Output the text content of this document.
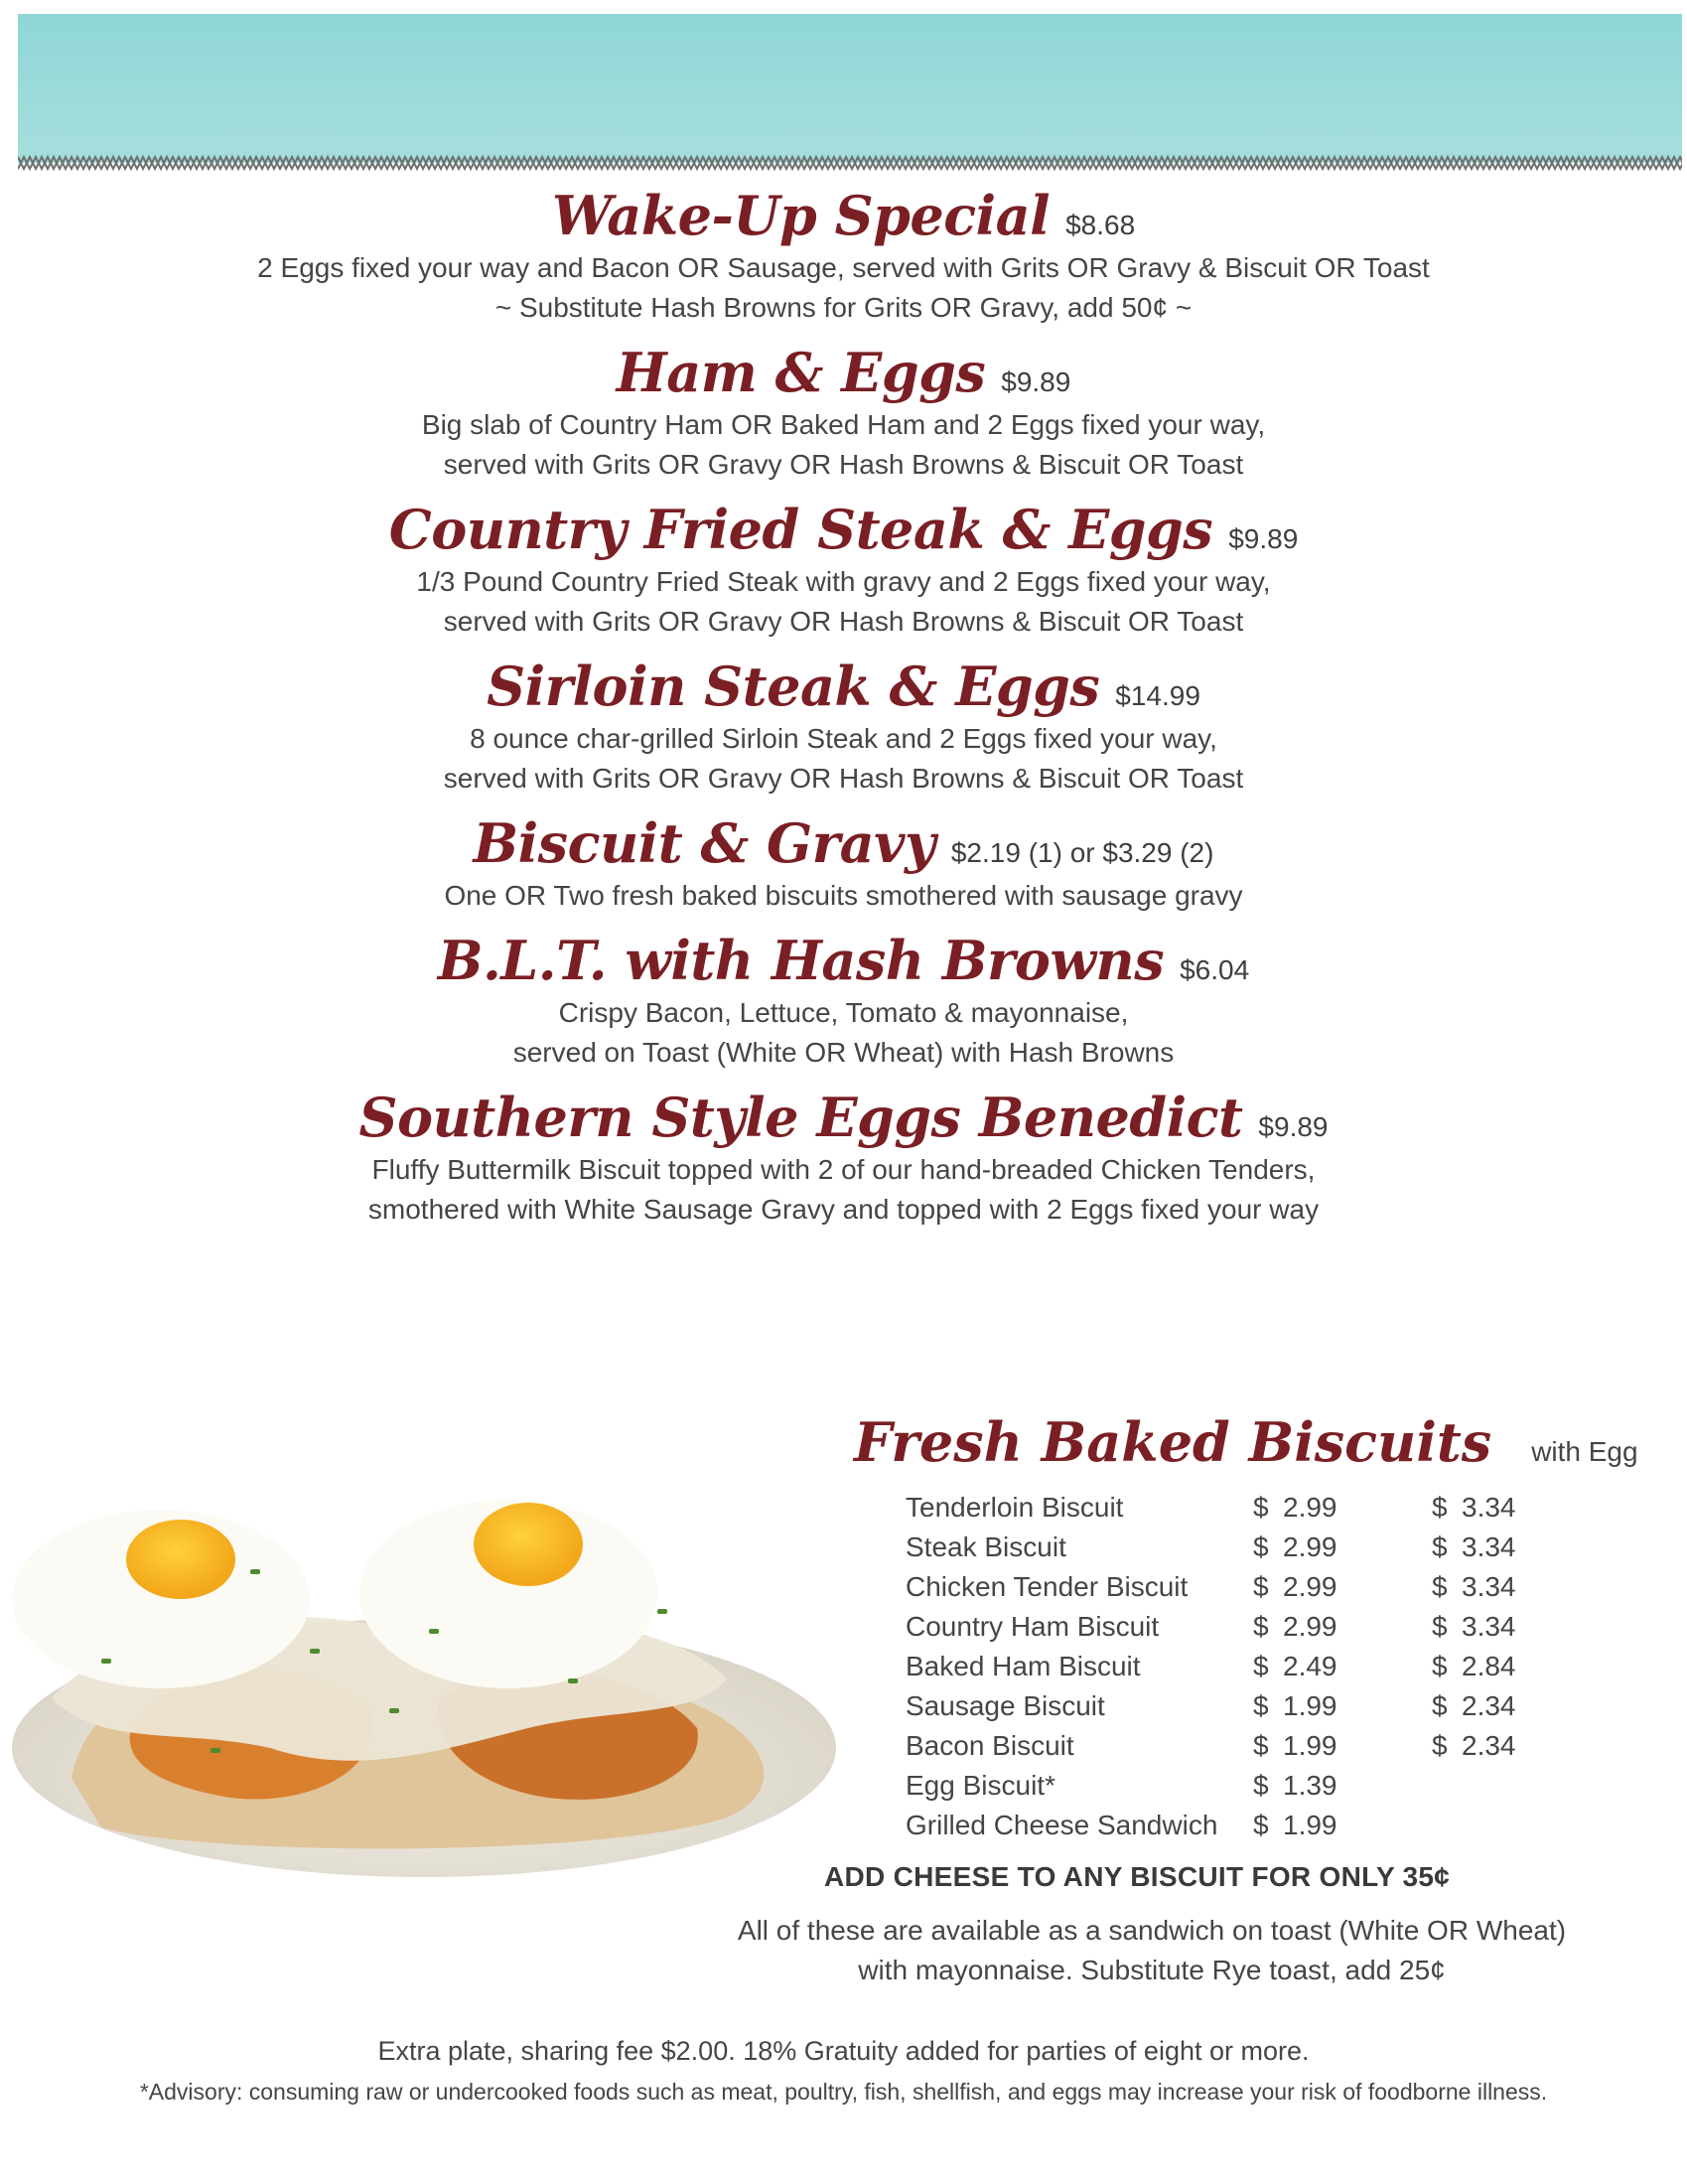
Wake-Up Special $8.68
2 Eggs fixed your way and Bacon OR Sausage, served with Grits OR Gravy & Biscuit OR Toast
~ Substitute Hash Browns for Grits OR Gravy, add 50¢ ~
Ham & Eggs $9.89
Big slab of Country Ham OR Baked Ham and 2 Eggs fixed your way,
served with Grits OR Gravy OR Hash Browns & Biscuit OR Toast
Country Fried Steak & Eggs $9.89
1/3 Pound Country Fried Steak with gravy and 2 Eggs fixed your way,
served with Grits OR Gravy OR Hash Browns & Biscuit OR Toast
Sirloin Steak & Eggs $14.99
8 ounce char-grilled Sirloin Steak and 2 Eggs fixed your way,
served with Grits OR Gravy OR Hash Browns & Biscuit OR Toast
Biscuit & Gravy $2.19 (1) or $3.29 (2)
One OR Two fresh baked biscuits smothered with sausage gravy
B.L.T. with Hash Browns $6.04
Crispy Bacon, Lettuce, Tomato & mayonnaise,
served on Toast (White OR Wheat) with Hash Browns
Southern Style Eggs Benedict $9.89
Fluffy Buttermilk Biscuit topped with 2 of our hand-breaded Chicken Tenders,
smothered with White Sausage Gravy and topped with 2 Eggs fixed your way
Fresh Baked Biscuits with Egg
Tenderloin Biscuit	$	2.99	$	3.34
Steak Biscuit	$	2.99	$	3.34
Chicken Tender Biscuit	$	2.99	$	3.34
Country Ham Biscuit	$	2.99	$	3.34
Baked Ham Biscuit	$	2.49	$	2.84
Sausage Biscuit	$	1.99	$	2.34
Bacon Biscuit	$	1.99	$	2.34
Egg Biscuit*	$	1.39		
Grilled Cheese Sandwich	$	1.99		
ADD CHEESE TO ANY BISCUIT FOR ONLY 35¢
All of these are available as a sandwich on toast (White OR Wheat)
with mayonnaise. Substitute Rye toast, add 25¢
Extra plate, sharing fee $2.00. 18% Gratuity added for parties of eight or more.
*Advisory: consuming raw or undercooked foods such as meat, poultry, fish, shellfish, and eggs may increase your risk of foodborne illness.
